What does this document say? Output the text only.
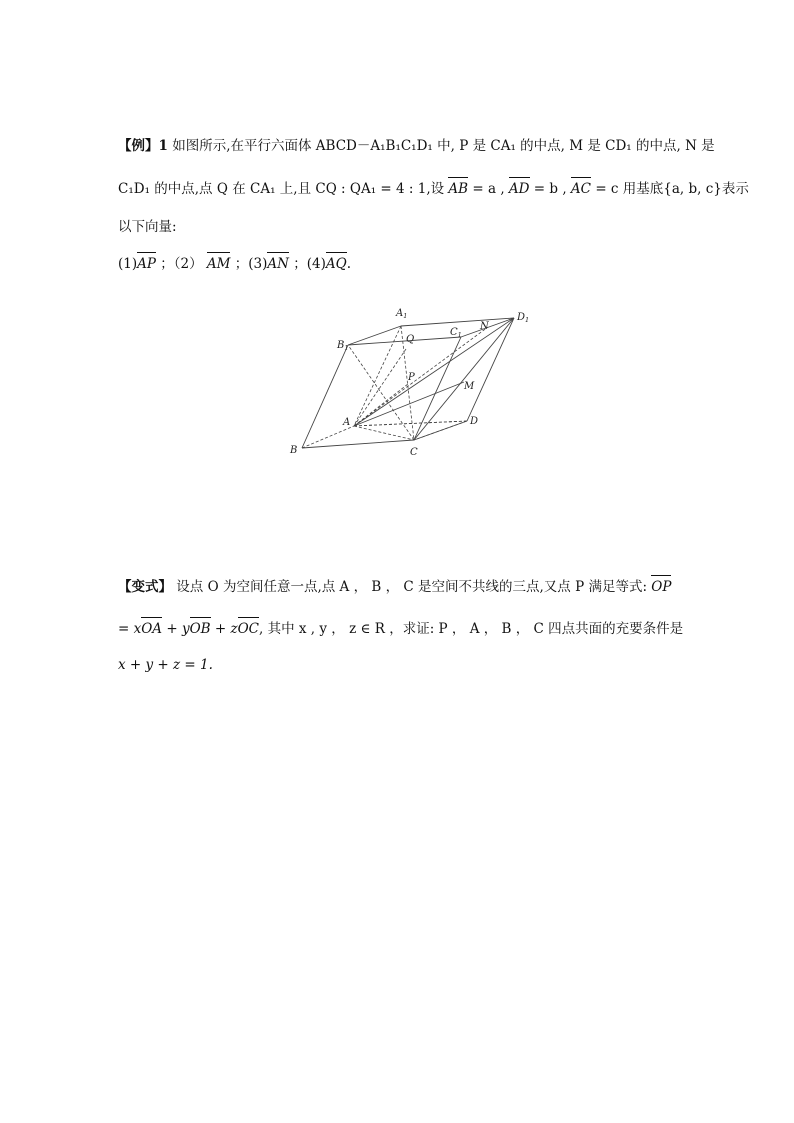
【例】1 如图所示,在平行六面体 ABCD－A₁B₁C₁D₁ 中, P 是 CA₁ 的中点, M 是 CD₁ 的中点, N 是
C₁D₁ 的中点,点 Q 在 CA₁ 上,且 CQ : QA₁ = 4 : 1,设 AB = a , AD = b , AC = c 用基底{a, b, c}表示
以下向量:
(1)AP ；（2） AM ；(3)AN ；(4)AQ.
$A_1$
$B_1$
$C_1$
$D_1$
Q
N
P
M
A
B	C
D
【变式】 设点 O 为空间任意一点,点 A ， B ， C 是空间不共线的三点,又点 P 满足等式: OP
= xOA + yOB + zOC, 其中 x , y ， z ∈ R ，求证: P ， A ， B ， C 四点共面的充要条件是
x + y + z = 1.
